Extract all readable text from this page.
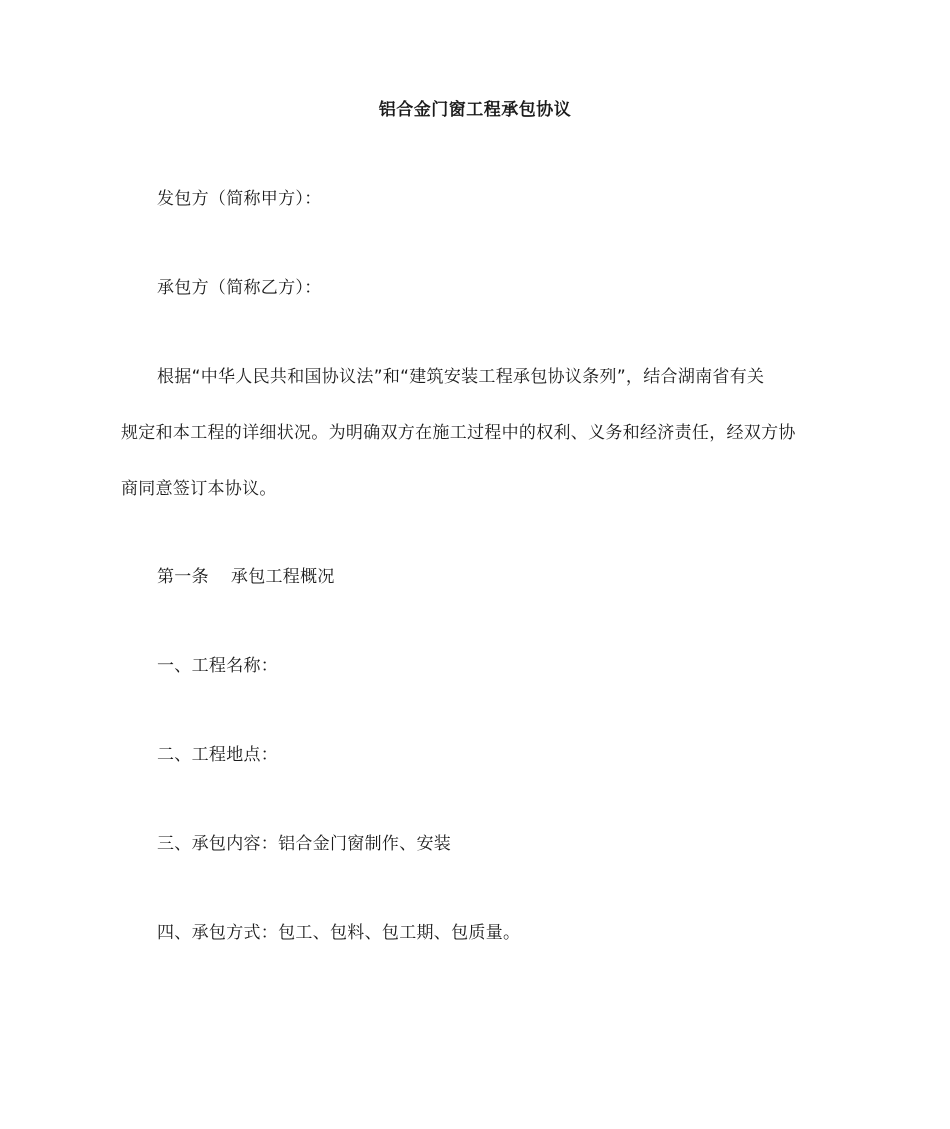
铝合金门窗工程承包协议
发包方（简称甲方）：
承包方（简称乙方）：
根据“中华人民共和国协议法”和“建筑安装工程承包协议条列”，结合湖南省有关
规定和本工程的详细状况。为明确双方在施工过程中的权利、义务和经济责任，经双方协
商同意签订本协议。
第一条 承包工程概况
一、工程名称：
二、工程地点：
三、承包内容：铝合金门窗制作、安装
四、承包方式：包工、包料、包工期、包质量。
